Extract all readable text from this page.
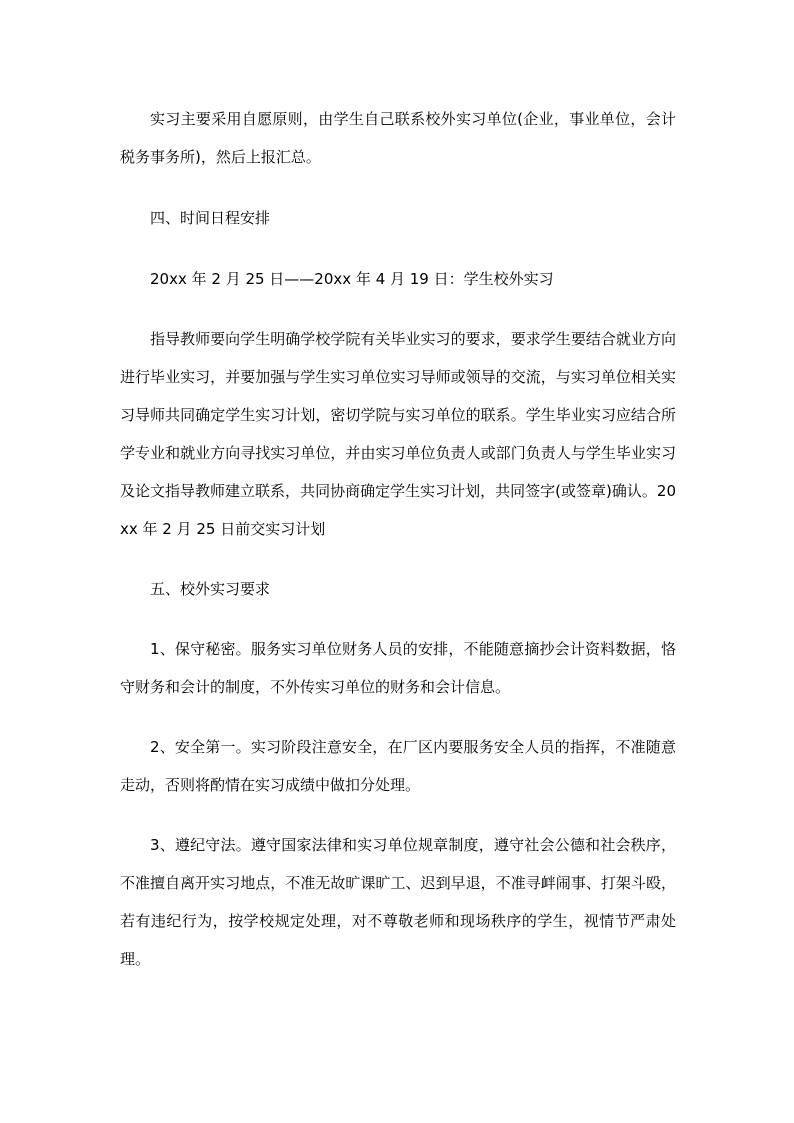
实习主要采用自愿原则，由学生自己联系校外实习单位(企业，事业单位，会计税务事务所)，然后上报汇总。

四、时间日程安排

20xx 年 2 月 25 日——20xx 年 4 月 19 日：学生校外实习

指导教师要向学生明确学校学院有关毕业实习的要求，要求学生要结合就业方向进行毕业实习，并要加强与学生实习单位实习导师或领导的交流，与实习单位相关实习导师共同确定学生实习计划，密切学院与实习单位的联系。学生毕业实习应结合所学专业和就业方向寻找实习单位，并由实习单位负责人或部门负责人与学生毕业实习及论文指导教师建立联系，共同协商确定学生实习计划，共同签字(或签章)确认。20xx 年 2 月 25 日前交实习计划

五、校外实习要求

1、保守秘密。服务实习单位财务人员的安排，不能随意摘抄会计资料数据，恪守财务和会计的制度，不外传实习单位的财务和会计信息。

2、安全第一。实习阶段注意安全，在厂区内要服务安全人员的指挥，不准随意走动，否则将酌情在实习成绩中做扣分处理。

3、遵纪守法。遵守国家法律和实习单位规章制度，遵守社会公德和社会秩序，不准擅自离开实习地点，不准无故旷课旷工、迟到早退，不准寻衅闹事、打架斗殴，若有违纪行为，按学校规定处理，对不尊敬老师和现场秩序的学生，视情节严肃处理。
